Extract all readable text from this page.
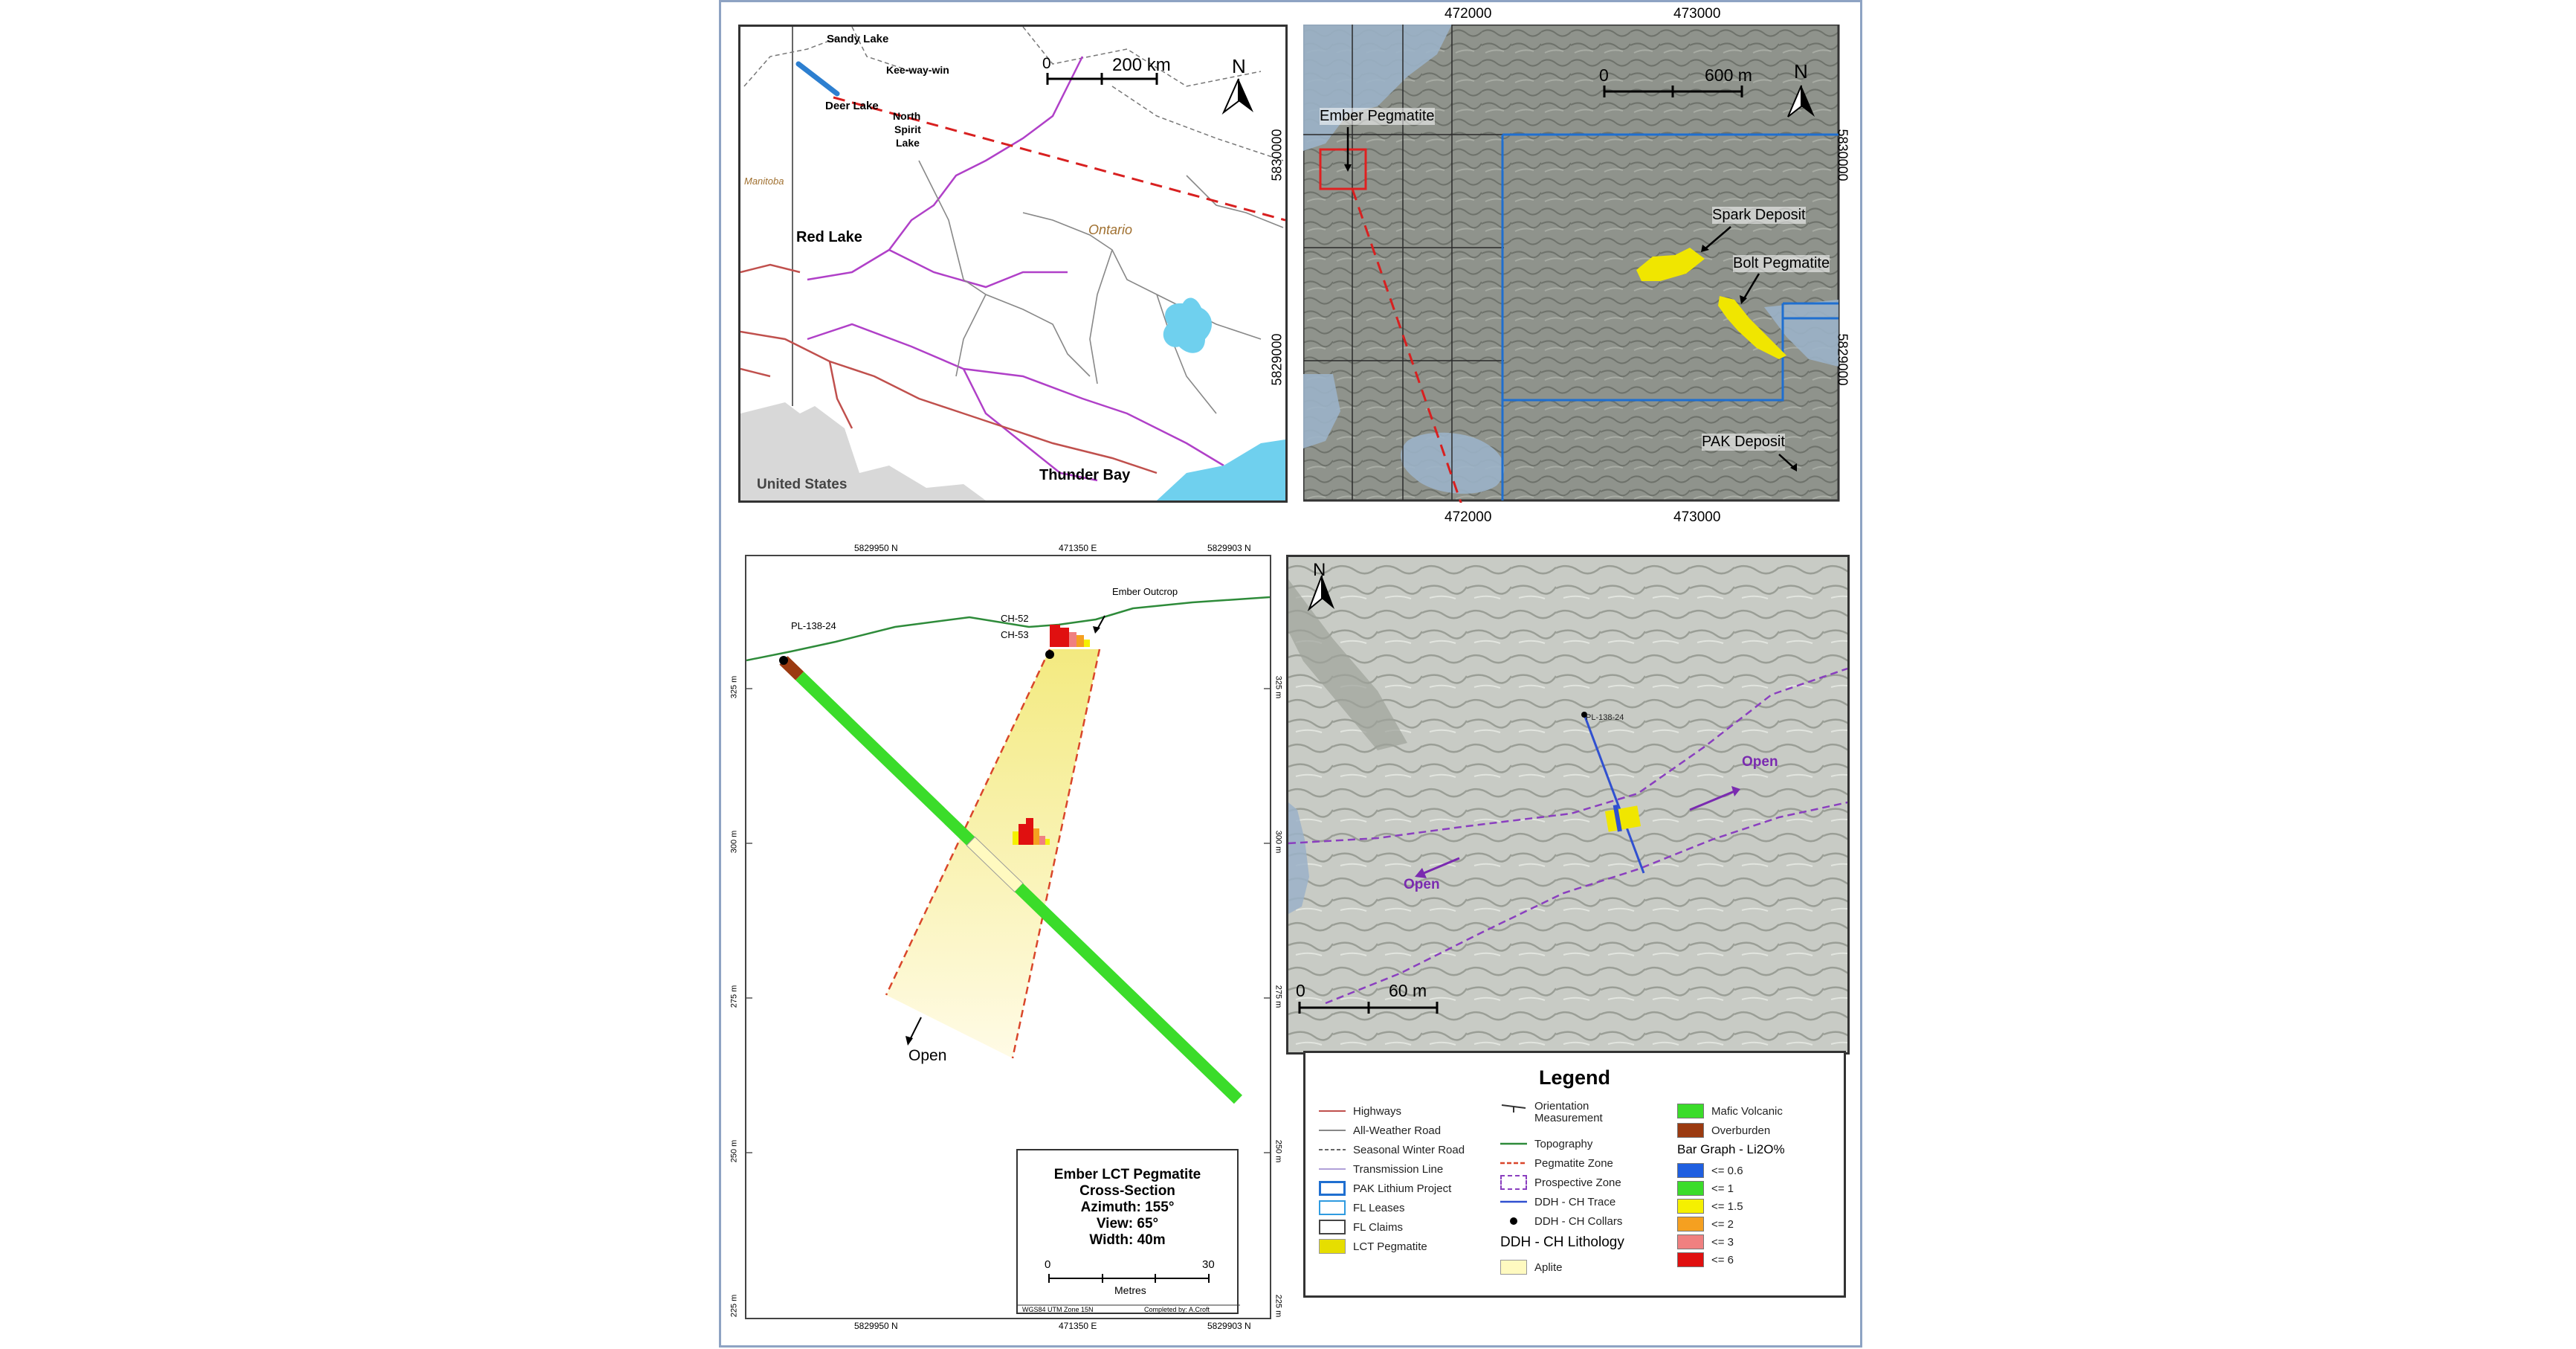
Sandy Lake
Kee-way-win
Deer Lake
North
Spirit
Lake
Manitoba
Red Lake	Ontario
United States
Thunder Bay
0	200 km	N
472000	473000
472000	473000
5830000
5829000
5830000
5829000
0	600 m N
Ember Pegmatite
Spark Deposit
Bolt Pegmatite
PAK Deposit
5829950 N	471350 E	5829903 N
5829950 N	471350 E	5829903 N
325 m
300 m
275 m
250 m
225 m
325 m
300 m
275 m
250 m
225 m
PL-138-24
CH-52
CH-53
Ember Outcrop
Open
Ember LCT Pegmatite
Cross-Section
Azimuth: 155°
View: 65°
Width: 40m
0	30
Metres
WGS84 UTM Zone 15N	Completed by: A.Croft
N
PL-138-24
Open
Open
0	60 m
Legend
Highways
All-Weather Road
Seasonal Winter Road
Transmission Line
PAK Lithium Project
FL Leases
FL Claims
LCT Pegmatite
Orientation Measurement
Topography
Pegmatite Zone
Prospective Zone
DDH - CH Trace
DDH - CH Collars
DDH - CH Lithology
Aplite
Mafic Volcanic
Overburden
Bar Graph - Li2O%
<= 0.6
<= 1
<= 1.5
<= 2
<= 3
<= 6
